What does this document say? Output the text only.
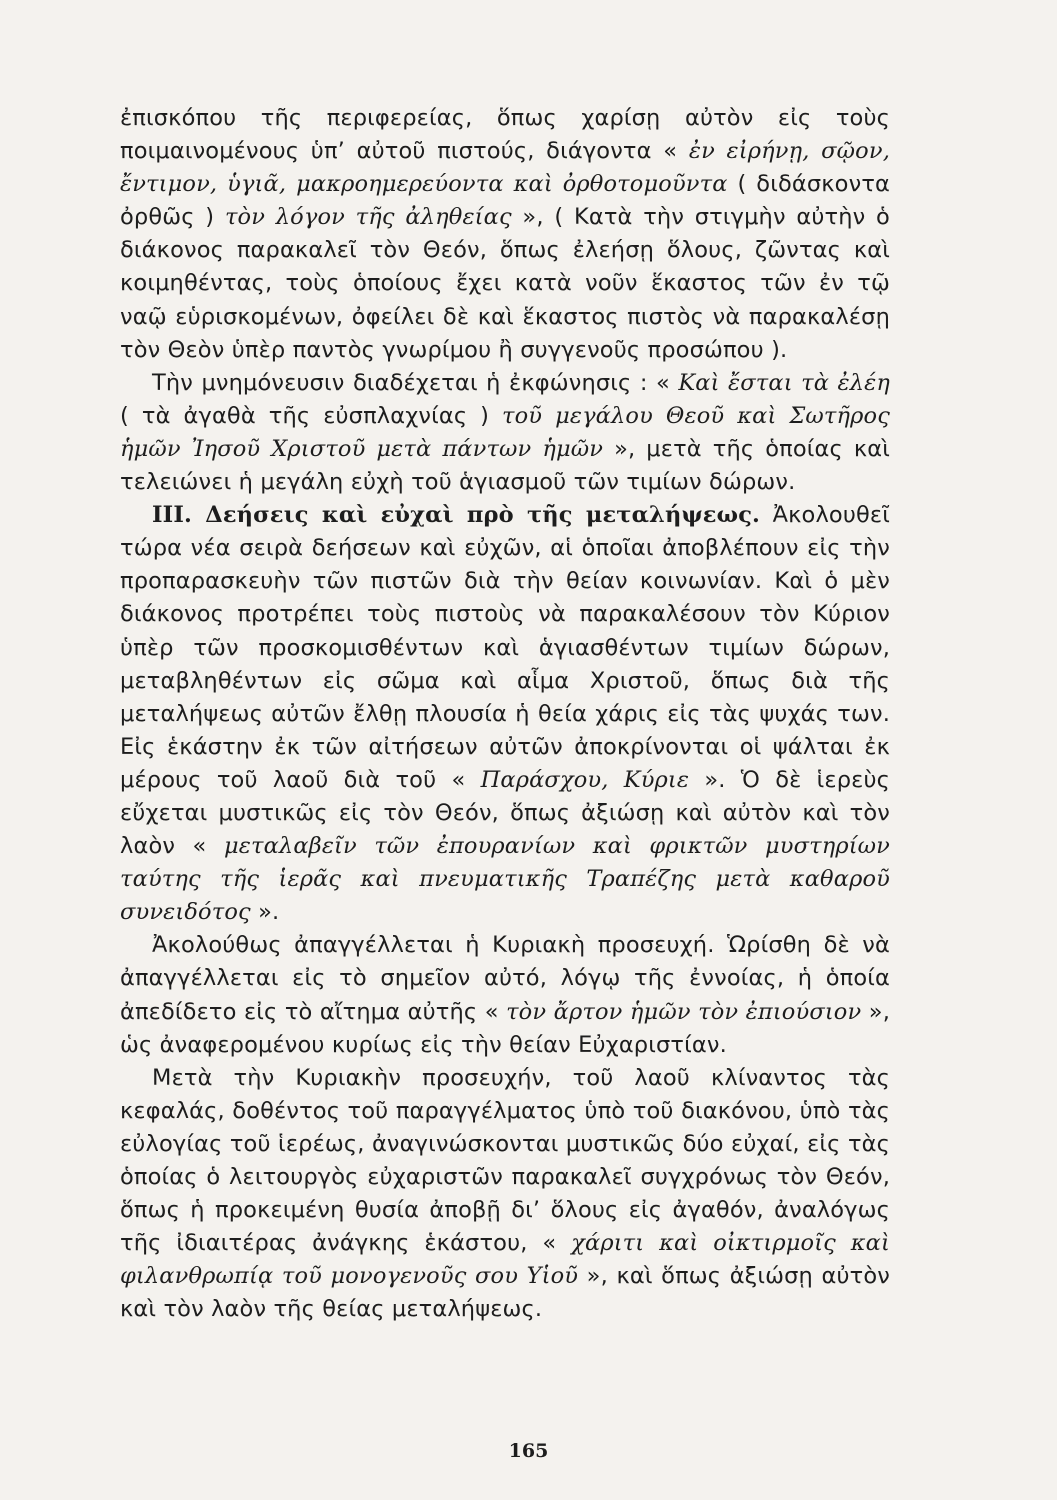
ἐπισκόπου τῆς περιφερείας, ὅπως χαρίσῃ αὐτὸν εἰς τοὺς ποιμαινομένους ὑπ’ αὐτοῦ πιστούς, διάγοντα « ἐν εἰρήνῃ, σῷον, ἔντιμον, ὑγιᾶ, μακροημερεύοντα καὶ ὀρθοτομοῦντα ( διδάσκοντα ὀρθῶς ) τὸν λόγον τῆς ἀληθείας », ( Κατὰ τὴν στιγμὴν αὐτὴν ὁ διάκονος παρακαλεῖ τὸν Θεόν, ὅπως ἐλεήσῃ ὅλους, ζῶντας καὶ κοιμηθέντας, τοὺς ὁποίους ἔχει κατὰ νοῦν ἕκαστος τῶν ἐν τῷ ναῷ εὑρισκομένων, ὀφείλει δὲ καὶ ἕκαστος πιστὸς νὰ παρακαλέσῃ τὸν Θεὸν ὑπὲρ παντὸς γνωρίμου ἢ συγγενοῦς προσώπου ).

Τὴν μνημόνευσιν διαδέχεται ἡ ἐκφώνησις : « Καὶ ἔσται τὰ ἐλέη ( τὰ ἀγαθὰ τῆς εὐσπλαχνίας ) τοῦ μεγάλου Θεοῦ καὶ Σωτῆρος ἡμῶν Ἰησοῦ Χριστοῦ μετὰ πάντων ἡμῶν », μετὰ τῆς ὁποίας καὶ τελειώνει ἡ μεγάλη εὐχὴ τοῦ ἁγιασμοῦ τῶν τιμίων δώρων.

III. Δεήσεις καὶ εὐχαὶ πρὸ τῆς μεταλήψεως. Ἀκολουθεῖ τώρα νέα σειρὰ δεήσεων καὶ εὐχῶν, αἱ ὁποῖαι ἀποβλέπουν εἰς τὴν προπαρασκευὴν τῶν πιστῶν διὰ τὴν θείαν κοινωνίαν. Καὶ ὁ μὲν διάκονος προτρέπει τοὺς πιστοὺς νὰ παρακαλέσουν τὸν Κύριον ὑπὲρ τῶν προσκομισθέντων καὶ ἁγιασθέντων τιμίων δώρων, μεταβληθέντων εἰς σῶμα καὶ αἷμα Χριστοῦ, ὅπως διὰ τῆς μεταλήψεως αὐτῶν ἔλθῃ πλουσία ἡ θεία χάρις εἰς τὰς ψυχάς των. Εἰς ἑκάστην ἐκ τῶν αἰτήσεων αὐτῶν ἀποκρίνονται οἱ ψάλται ἐκ μέρους τοῦ λαοῦ διὰ τοῦ « Παράσχου, Κύριε ». Ὁ δὲ ἱερεὺς εὔχεται μυστικῶς εἰς τὸν Θεόν, ὅπως ἀξιώσῃ καὶ αὐτὸν καὶ τὸν λαὸν « μεταλαβεῖν τῶν ἐπουρανίων καὶ φρικτῶν μυστηρίων ταύτης τῆς ἱερᾶς καὶ πνευματικῆς Τραπέζης μετὰ καθαροῦ συνειδότος ».

Ἀκολούθως ἀπαγγέλλεται ἡ Κυριακὴ προσευχή. Ὡρίσθη δὲ νὰ ἀπαγγέλλεται εἰς τὸ σημεῖον αὐτό, λόγῳ τῆς ἐννοίας, ἡ ὁποία ἀπεδίδετο εἰς τὸ αἴτημα αὐτῆς « τὸν ἄρτον ἡμῶν τὸν ἐπιούσιον », ὡς ἀναφερομένου κυρίως εἰς τὴν θείαν Εὐχαριστίαν.

Μετὰ τὴν Κυριακὴν προσευχήν, τοῦ λαοῦ κλίναντος τὰς κεφαλάς, δοθέντος τοῦ παραγγέλματος ὑπὸ τοῦ διακόνου, ὑπὸ τὰς εὐλογίας τοῦ ἱερέως, ἀναγινώσκονται μυστικῶς δύο εὐχαί, εἰς τὰς ὁποίας ὁ λειτουργὸς εὐχαριστῶν παρακαλεῖ συγχρόνως τὸν Θεόν, ὅπως ἡ προκειμένη θυσία ἀποβῇ δι’ ὅλους εἰς ἀγαθόν, ἀναλόγως τῆς ἰδιαιτέρας ἀνάγκης ἑκάστου, « χάριτι καὶ οἰκτιρμοῖς καὶ φιλανθρωπίᾳ τοῦ μονογενοῦς σου Υἱοῦ », καὶ ὅπως ἀξιώσῃ αὐτὸν καὶ τὸν λαὸν τῆς θείας μεταλήψεως.

165
